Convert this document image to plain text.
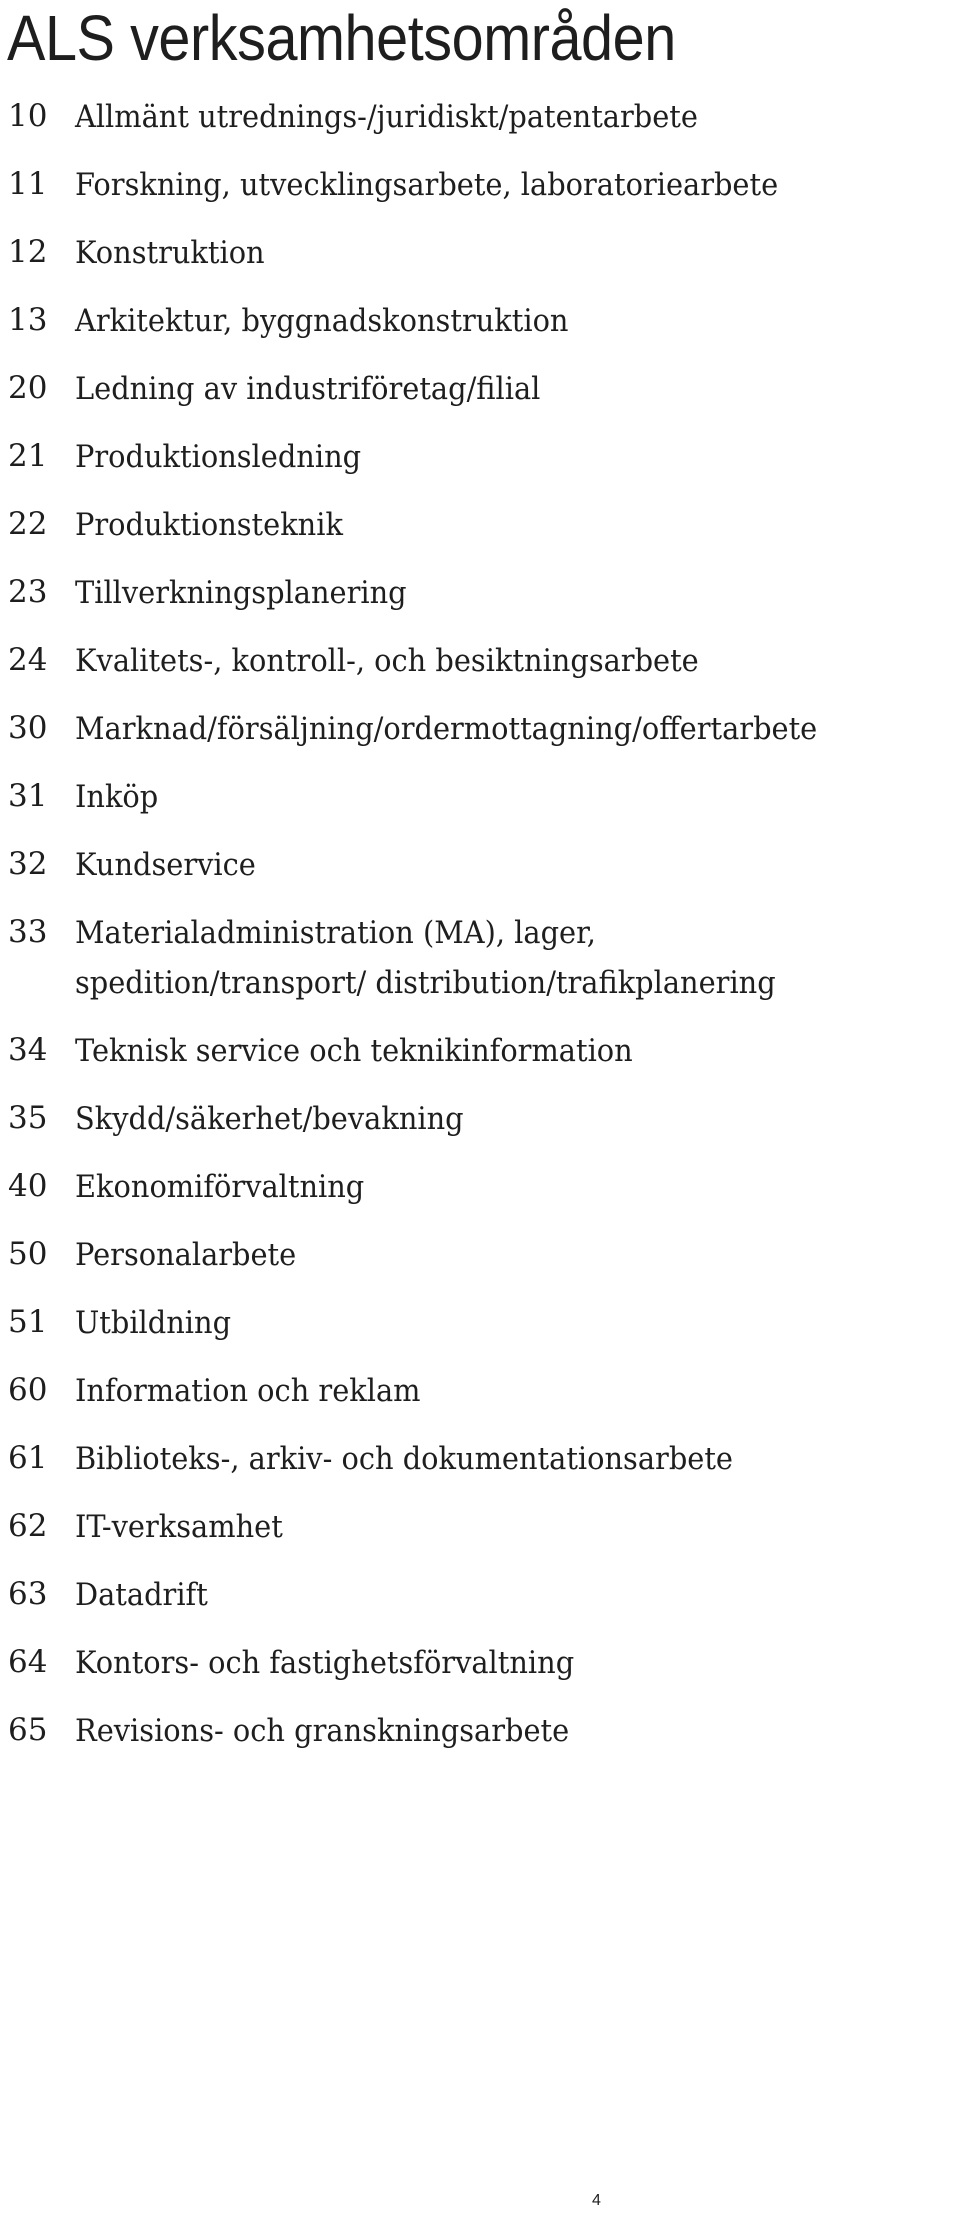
ALS verksamhetsområden
10 Allmänt utrednings-/juridiskt/patentarbete
11 Forskning, utvecklingsarbete, laboratoriearbete
12 Konstruktion
13 Arkitektur, byggnadskonstruktion
20 Ledning av industriföretag/filial
21 Produktionsledning
22 Produktionsteknik
23 Tillverkningsplanering
24 Kvalitets-, kontroll-, och besiktningsarbete
30 Marknad/försäljning/ordermottagning/offertarbete
31 Inköp
32 Kundservice
33 Materialadministration (MA), lager, spedition/transport/ distribution/trafikplanering
34 Teknisk service och teknikinformation
35 Skydd/säkerhet/bevakning
40 Ekonomiförvaltning
50 Personalarbete
51 Utbildning
60 Information och reklam
61 Biblioteks-, arkiv- och dokumentationsarbete
62 IT-verksamhet
63 Datadrift
64 Kontors- och fastighetsförvaltning
65 Revisions- och granskningsarbete
4
